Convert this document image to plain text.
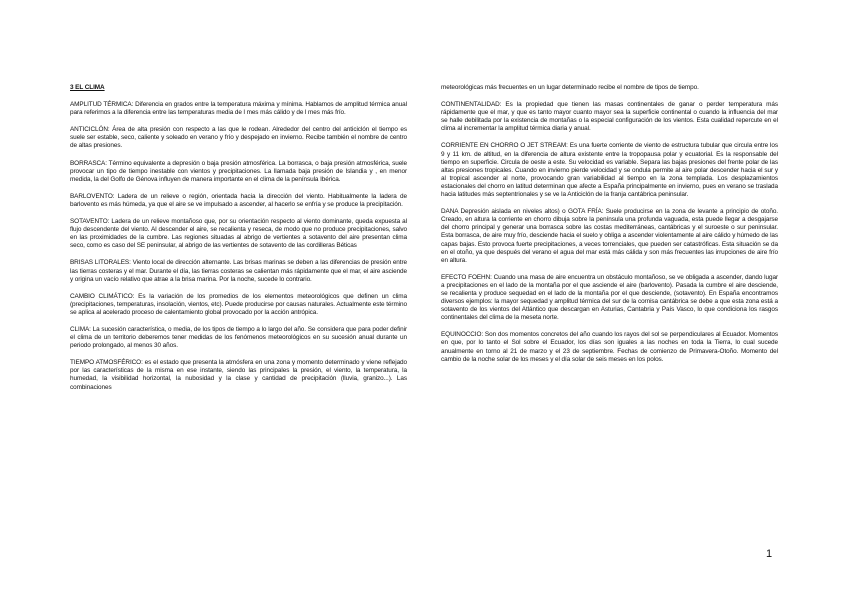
3 EL CLIMA

AMPLITUD TÉRMICA: Diferencia en grados entre la temperatura máxima y mínima. Hablamos de amplitud térmica anual para referirnos a la diferencia entre las temperaturas media de l mes más cálido y de l mes más frío.

ANTICICLÓN: Área de alta presión con respecto a las que le rodean. Alrededor del centro del anticiclón el tiempo es suele ser estable, seco, caliente y soleado en verano y frío y despejado en invierno. Recibe también el nombre de centro de altas presiones.

BORRASCA: Término equivalente a depresión o baja presión atmosférica. La borrasca, o baja presión atmosférica, suele provocar un tipo de tiempo inestable con vientos y precipitaciones. La llamada baja presión de Islandia y , en menor medida, la del Golfo de Génova influyen de manera importante en el clima de la península Ibérica.

BARLOVENTO: Ladera de un relieve o región, orientada hacia la dirección del viento. Habitualmente la ladera de barlovento es más húmeda, ya que el aire se ve impulsado a ascender, al hacerlo se enfría y se produce la precipitación.

SOTAVENTO: Ladera de un relieve montañoso que, por su orientación respecto al viento dominante, queda expuesta al flujo descendente del viento. Al descender el aire, se recalienta y reseca, de modo que no produce precipitaciones, salvo en las proximidades de la cumbre. Las regiones situadas al abrigo de vertientes a sotavento del aire presentan clima seco, como es caso del SE peninsular, al abrigo de las vertientes de sotavento de las cordilleras Béticas

BRISAS LITORALES: Viento local de dirección alternante. Las brisas marinas se deben a las diferencias de presión entre las tierras costeras y el mar. Durante el día, las tierras costeras se calientan más rápidamente que el mar, el aire asciende y origina un vacío relativo que atrae a la brisa marina. Por la noche, sucede lo contrario.

CAMBIO CLIMÁTICO: Es la variación de los promedios de los elementos meteorológicos que definen un clima (precipitaciones, temperaturas, insolación, vientos, etc). Puede producirse por causas naturales. Actualmente este término se aplica al acelerado proceso de calentamiento global provocado por la acción antrópica.

CLIMA: La sucesión característica, o media, de los tipos de tiempo a lo largo del año. Se considera que para poder definir el clima de un territorio deberemos tener medidas de los fenómenos meteorológicos en su sucesión anual durante un periodo prolongado, al menos 30 años.

TIEMPO ATMOSFÉRICO: es el estado que presenta la atmósfera en una zona y momento determinado y viene reflejado por las características de la misma en ese instante, siendo las principales la presión, el viento, la temperatura, la humedad, la visibilidad horizontal, la nubosidad y la clase y cantidad de precipitación (lluvia, granizo...). Las combinaciones

meteorológicas más frecuentes en un lugar determinado recibe el nombre de tipos de tiempo.

CONTINENTALIDAD: Es la propiedad que tienen las masas continentales de ganar o perder temperatura más rápidamente que el mar, y que es tanto mayor cuanto mayor sea la superficie continental o cuando la influencia del mar se halle debilitada por la existencia de montañas o la especial configuración de los vientos. Esta cualidad repercute en el clima al incrementar la amplitud térmica diaria y anual.

CORRIENTE EN CHORRO O JET STREAM: Es una fuerte corriente de viento de estructura tubular que circula entre los 9 y 11 km. de altitud, en la diferencia de altura existente entre la tropopausa polar y ecuatorial. Es la responsable del tiempo en superficie. Circula de oeste a este. Su velocidad es variable. Separa las bajas presiones del frente polar de las altas presiones tropicales. Cuando en invierno pierde velocidad y se ondula permite al aire polar descender hacia el sur y al tropical ascender al norte, provocando gran variabilidad al tiempo en la zona templada. Los desplazamientos estacionales del chorro en latitud determinan que afecte a España principalmente en invierno, pues en verano se traslada hacia latitudes más septentrionales y se ve la Anticiclón de la franja cantábrica peninsular.

DANA Depresión aislada en niveles altos) o GOTA FRÍA: Suele producirse en la zona de levante a principio de otoño. Creado, en altura la corriente en chorro dibuja sobre la península una profunda vaguada, esta puede llegar a desgajarse del chorro principal y generar una borrasca sobre las costas mediterráneas, cantábricas y el suroeste o sur peninsular. Esta borrasca, de aire muy frío, desciende hacia el suelo y obliga a ascender violentamente al aire cálido y húmedo de las capas bajas. Esto provoca fuerte precipitaciones, a veces torrenciales, que pueden ser catastróficas. Esta situación se da en el otoño, ya que después del verano el agua del mar está más cálida y son más frecuentes las irrupciones de aire frío en altura.

EFECTO FOEHN: Cuando una masa de aire encuentra un obstáculo montañoso, se ve obligada a ascender, dando lugar a precipitaciones en el lado de la montaña por el que asciende el aire (barlovento). Pasada la cumbre el aire desciende, se recalienta y produce sequedad en el lado de la montaña por el que desciende, (sotavento). En España encontramos diversos ejemplos: la mayor sequedad y amplitud térmica del sur de la cornisa cantábrica se debe a que esta zona está a sotavento de los vientos del Atlántico que descargan en Asturias, Cantabria y País Vasco, lo que condiciona los rasgos continentales del clima de la meseta norte.

EQUINOCCIO: Son dos momentos concretos del año cuando los rayos del sol se perpendiculares al Ecuador. Momentos en que, por lo tanto el Sol sobre el Ecuador, los días son iguales a las noches en toda la Tierra, lo cual sucede anualmente en torno al 21 de marzo y el 23 de septiembre. Fechas de comienzo de Primavera-Otoño. Momento del cambio de la noche solar de los meses y el día solar de seis meses en los polos.

1
